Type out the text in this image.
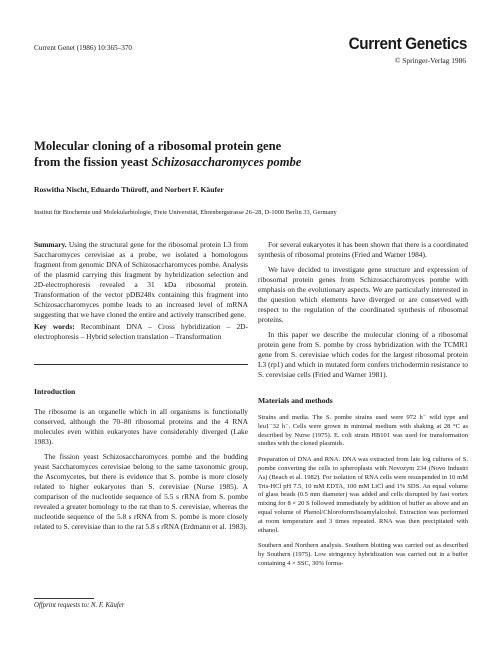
Current Genet (1986) 10:365–370	Current Genetics
© Springer-Verlag 1986
Molecular cloning of a ribosomal protein gene
from the fission yeast Schizosaccharomyces pombe
Roswitha Nischt, Eduardo Thüroff, and Norbert F. Käufer
Institut für Biochemie und Molekularbiologie, Freie Universität, Ehrenbergstrasse 26–28, D-1000 Berlin 33, Germany

Summary. Using the structural gene for the ribosomal protein L3 from Saccharomyces cerevisiae as a probe, we isolated a homologous fragment from genomic DNA of Schizosaccharomyces pombe. Analysis of the plasmid carrying this fragment by hybridization selection and 2D-electrophoresis revealed a 31 kDa ribosomal protein. Transformation of the vector pDB248x containing this fragment into Schizosaccharomyces pombe leads to an increased level of mRNA suggesting that we have cloned the entire and actively transcribed gene.

Key words: Recombinant DNA – Cross hybridization – 2D-electrophoresis – Hybrid selection translation – Transformation

Introduction

The ribosome is an organelle which in all organisms is functionally conserved, although the 70–80 ribosomal proteins and the 4 RNA molecules even within eukaryotes have considerably diverged (Lake 1983).

The fission yeast Schizosaccharomyces pombe and the budding yeast Saccharomyces cerevisiae belong to the same taxonomic group, the Ascomycetes, but there is evidence that S. pombe is more closely related to higher eukaryotes than S. cerevisiae (Nurse 1985). A comparison of the nucleotide sequence of 5.5 s rRNA from S. pombe revealed a greater homology to the rat than to S. cerevisiae, whereas the nucleotide sequence of the 5.8 s rRNA from S. pombe is more closely related to S. cerevisiae than to the rat 5.8 s rRNA (Erdmann et al. 1983).

Offprint requests to: N. F. Käufer

For several eukaryotes it has been shown that there is a coordinated synthesis of ribosomal proteins (Fried and Warner 1984).

We have decided to investigate gene structure and expression of ribosomal protein genes from Schizosaccharomyces pombe with emphasis on the evolutionary aspects. We are particularly interested in the question which elements have diverged or are conserved with respect to the regulation of the coordinated synthesis of ribosomal proteins.

In this paper we describe the molecular cloning of a ribosomal protein gene from S. pombe by cross hybridization with the TCMR1 gene from S. cerevisiae which codes for the largest ribosomal protein L3 (rp1) and which in mutated form confers trichodermin resistance to S. cerevisiae cells (Fried and Warner 1981).

Materials and methods

Strains and media. The S. pombe strains used were 972 h⁻ wild type and leu1⁻32 h⁻. Cells were grown in minimal medium with shaking at 28 °C as described by Nurse (1975). E. coli strain HB101 was used for transformation studies with the cloned plasmids.

Preparation of DNA and RNA. DNA was extracted from late log cultures of S. pombe converting the cells to spheroplasts with Novozym 234 (Novo Industri As) (Beach et al. 1982). For isolation of RNA cells were resuspended in 10 mM Tris-HCl pH 7.5, 10 mM EDTA, 100 mM LiCl and 1% SDS. An equal volume of glass beads (0.5 mm diameter) was added and cells disrupted by fast vortex mixing for 8 × 20 S followed immediately by addition of buffer as above and an equal volume of Phenol/Chloroform/Isoamylalcohol. Extraction was performed at room temperature and 3 times repeated. RNA was then precipitated with ethanol.

Southern and Northern analysis. Southern blotting was carried out as described by Southern (1975). Low stringency hybridization was carried out in a buffer containing 4 × SSC, 30% forma-
